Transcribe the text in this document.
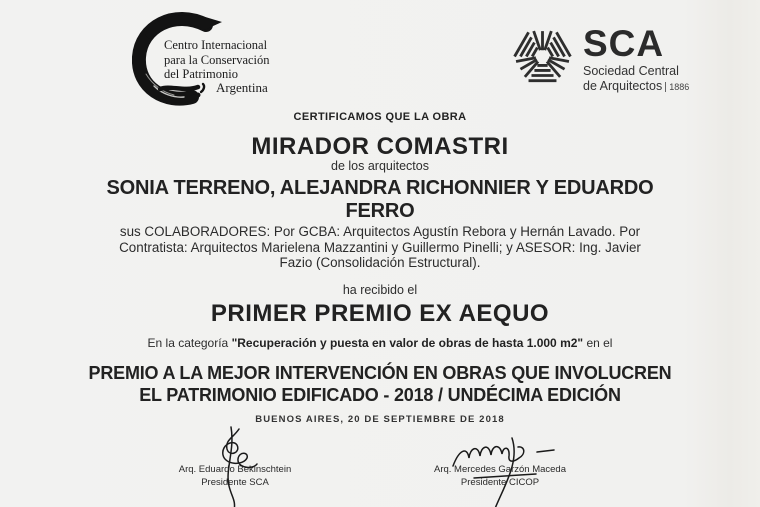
Centro Internacional
para la Conservación
del Patrimonio
Argentina
SCA
Sociedad Central
de Arquitectos 1886
CERTIFICAMOS QUE LA OBRA
MIRADOR COMASTRI
de los arquitectos
SONIA TERRENO, ALEJANDRA RICHONNIER Y EDUARDO FERRO
sus COLABORADORES: Por GCBA: Arquitectos Agustín Rebora y Hernán Lavado. Por Contratista: Arquitectos Marielena Mazzantini y Guillermo Pinelli; y ASESOR: Ing. Javier Fazio (Consolidación Estructural).
ha recibido el
PRIMER PREMIO EX AEQUO
En la categoría "Recuperación y puesta en valor de obras de hasta 1.000 m2" en el
PREMIO A LA MEJOR INTERVENCIÓN EN OBRAS QUE INVOLUCREN
EL PATRIMONIO EDIFICADO - 2018 / UNDÉCIMA EDICIÓN
BUENOS AIRES, 20 DE SEPTIEMBRE DE 2018
Arq. Eduardo Bekinschtein
Presidente SCA
Arq. Mercedes Garzón Maceda
Presidente CICOP
